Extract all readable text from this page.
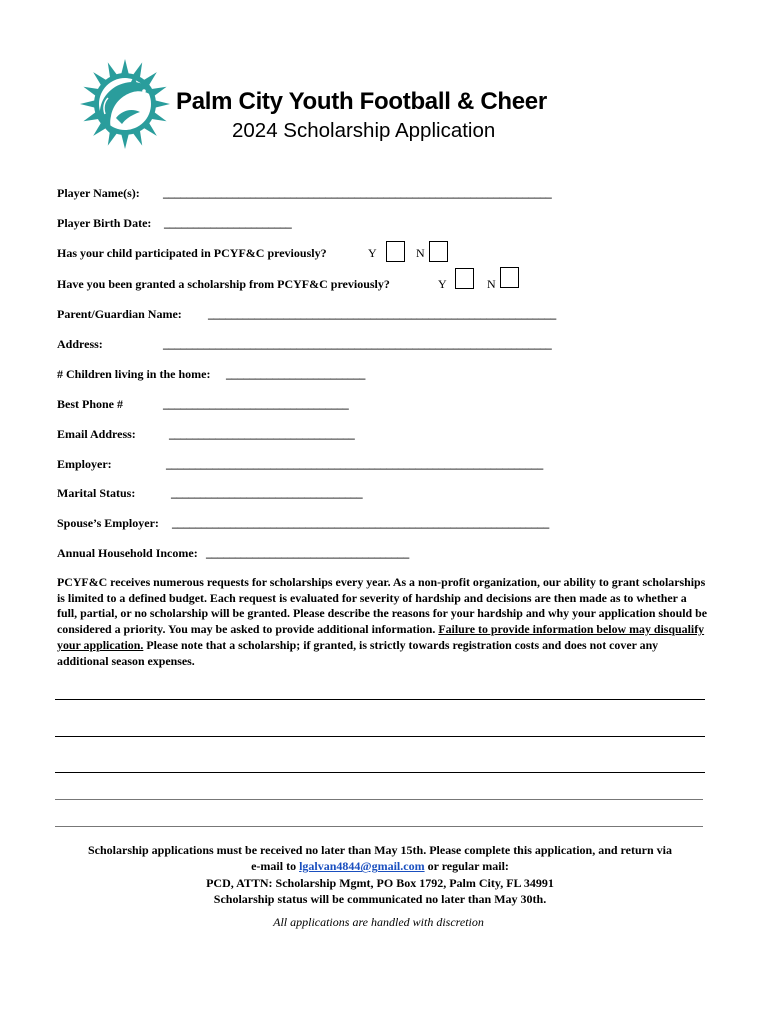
Palm City Youth Football & Cheer
2024 Scholarship Application
Player Name(s): ___________________________________________________________________
Player Birth Date: ______________________
Has your child participated in PCYF&C previously?	Y	N
Have you been granted a scholarship from PCYF&C previously?	Y	N
Parent/Guardian Name: ____________________________________________________________
Address:	___________________________________________________________________
# Children living in the home: ________________________
Best Phone #	________________________________
Email Address:	________________________________
Employer:	_________________________________________________________________
Marital Status:	_________________________________
Spouse’s Employer: _________________________________________________________________
Annual Household Income: ___________________________________
PCYF&C receives numerous requests for scholarships every year. As a non-profit organization, our ability to grant scholarships is limited to a defined budget. Each request is evaluated for severity of hardship and decisions are then made as to whether a full, partial, or no scholarship will be granted. Please describe the reasons for your hardship and why your application should be considered a priority. You may be asked to provide additional information. Failure to provide information below may disqualify your application. Please note that a scholarship; if granted, is strictly towards registration costs and does not cover any additional season expenses.
Scholarship applications must be received no later than May 15th. Please complete this application, and return via
e-mail to lgalvan4844@gmail.com or regular mail:
PCD, ATTN: Scholarship Mgmt, PO Box 1792, Palm City, FL 34991
Scholarship status will be communicated no later than May 30th.
All applications are handled with discretion
